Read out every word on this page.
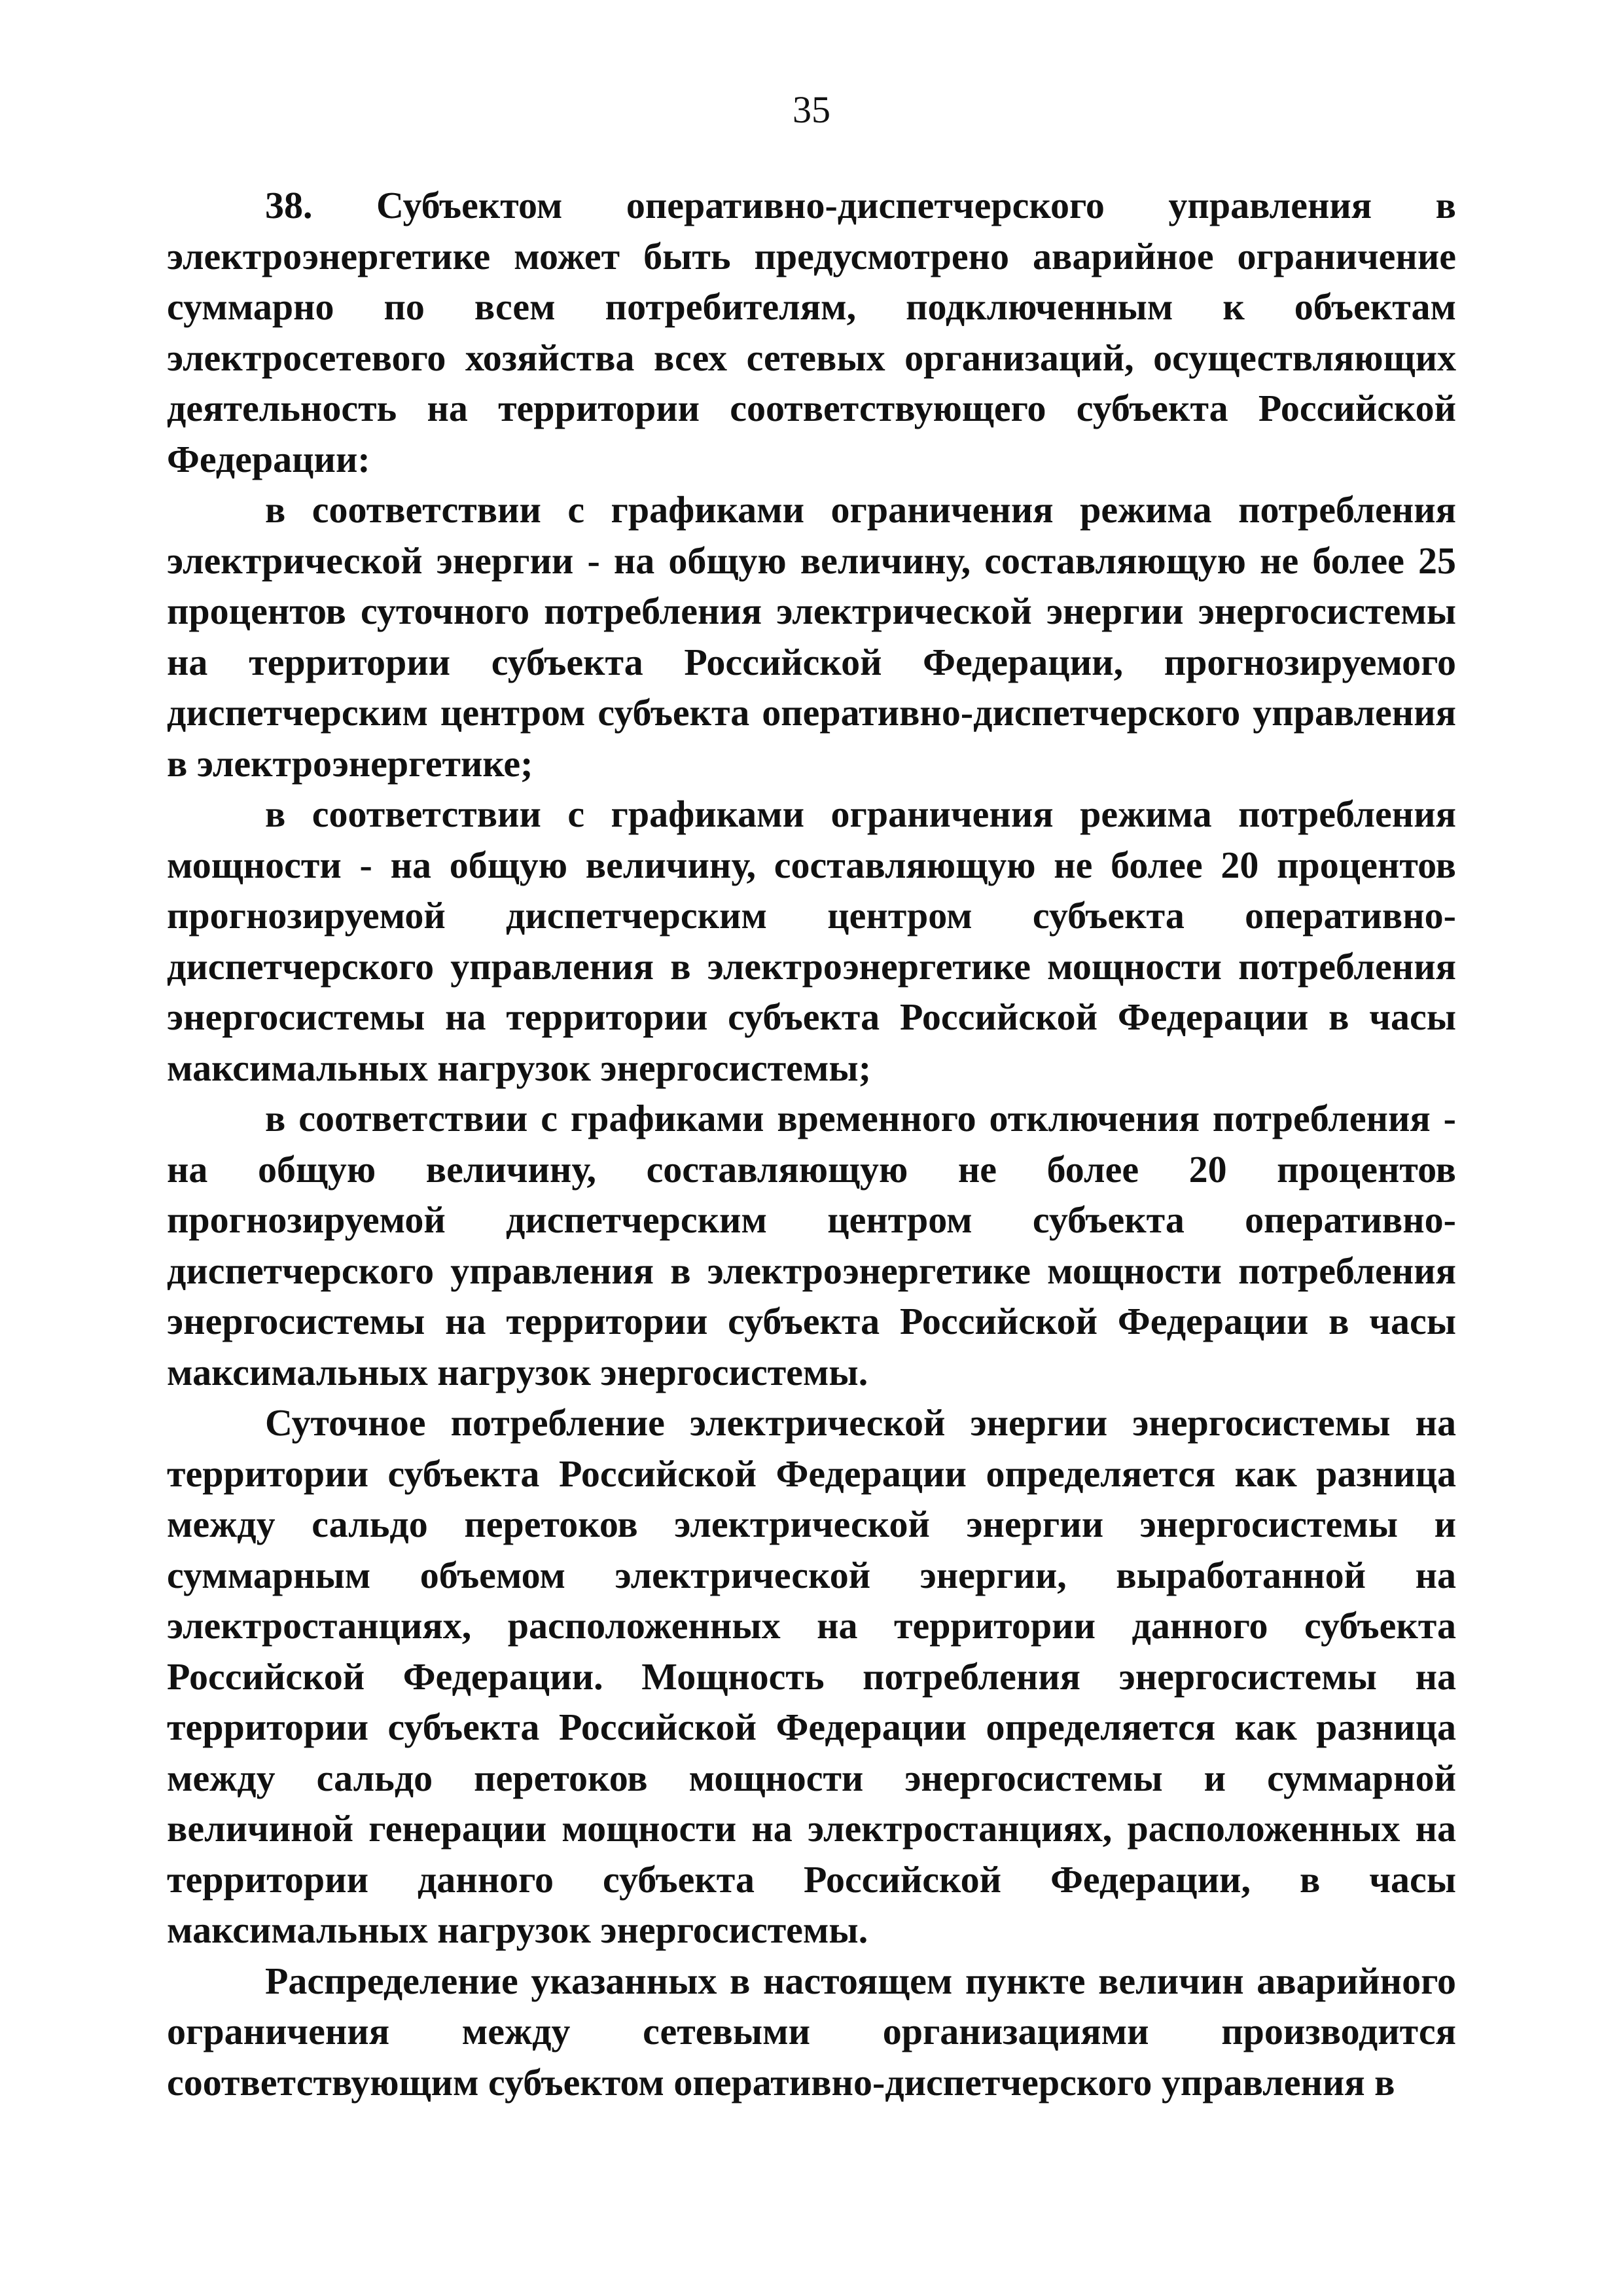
35

38. Субъектом оперативно-диспетчерского управления в электроэнергетике может быть предусмотрено аварийное ограничение суммарно по всем потребителям, подключенным к объектам электросетевого хозяйства всех сетевых организаций, осуществляющих деятельность на территории соответствующего субъекта Российской Федерации:

в соответствии с графиками ограничения режима потребления электрической энергии - на общую величину, составляющую не более 25 процентов суточного потребления электрической энергии энергосистемы на территории субъекта Российской Федерации, прогнозируемого диспетчерским центром субъекта оперативно-диспетчерского управления в электроэнергетике;

в соответствии с графиками ограничения режима потребления мощности - на общую величину, составляющую не более 20 процентов прогнозируемой диспетчерским центром субъекта оперативно-диспетчерского управления в электроэнергетике мощности потребления энергосистемы на территории субъекта Российской Федерации в часы максимальных нагрузок энергосистемы;

в соответствии с графиками временного отключения потребления - на общую величину, составляющую не более 20 процентов прогнозируемой диспетчерским центром субъекта оперативно-диспетчерского управления в электроэнергетике мощности потребления энергосистемы на территории субъекта Российской Федерации в часы максимальных нагрузок энергосистемы.

Суточное потребление электрической энергии энергосистемы на территории субъекта Российской Федерации определяется как разница между сальдо перетоков электрической энергии энергосистемы и суммарным объемом электрической энергии, выработанной на электростанциях, расположенных на территории данного субъекта Российской Федерации. Мощность потребления энергосистемы на территории субъекта Российской Федерации определяется как разница между сальдо перетоков мощности энергосистемы и суммарной величиной генерации мощности на электростанциях, расположенных на территории данного субъекта Российской Федерации, в часы максимальных нагрузок энергосистемы.

Распределение указанных в настоящем пункте величин аварийного ограничения между сетевыми организациями производится соответствующим субъектом оперативно-диспетчерского управления в
